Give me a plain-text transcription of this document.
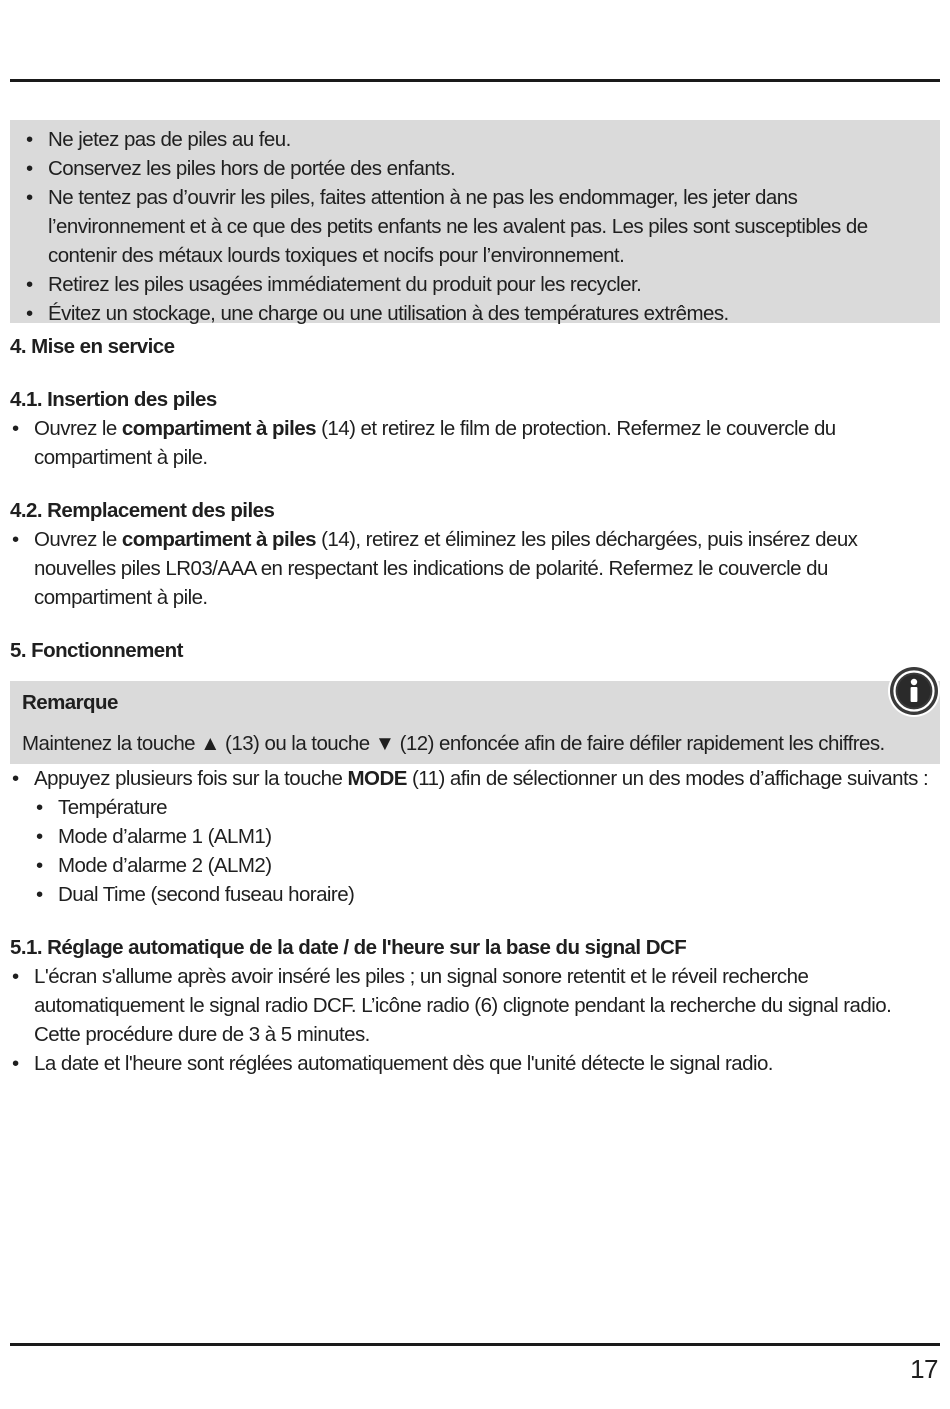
• Ne jetez pas de piles au feu.
• Conservez les piles hors de portée des enfants.
• Ne tentez pas d’ouvrir les piles, faites attention à ne pas les endommager, les jeter dans l’environnement et à ce que des petits enfants ne les avalent pas. Les piles sont susceptibles de contenir des métaux lourds toxiques et nocifs pour l’environnement.
• Retirez les piles usagées immédiatement du produit pour les recycler.
• Évitez un stockage, une charge ou une utilisation à des températures extrêmes.
4. Mise en service
4.1. Insertion des piles
• Ouvrez le compartiment à piles (14) et retirez le film de protection. Refermez le couvercle du compartiment à pile.
4.2. Remplacement des piles
• Ouvrez le compartiment à piles (14), retirez et éliminez les piles déchargées, puis insérez deux nouvelles piles LR03/AAA en respectant les indications de polarité. Refermez le couvercle du compartiment à pile.
5. Fonctionnement
Remarque
Maintenez la touche ▲ (13) ou la touche ▼ (12) enfoncée afin de faire défiler rapidement les chiffres.
• Appuyez plusieurs fois sur la touche MODE (11) afin de sélectionner un des modes d’affichage suivants :
• Température
• Mode d’alarme 1 (ALM1)
• Mode d’alarme 2 (ALM2)
• Dual Time (second fuseau horaire)
5.1. Réglage automatique de la date / de l'heure sur la base du signal DCF
• L'écran s'allume après avoir inséré les piles ; un signal sonore retentit et le réveil recherche automatiquement le signal radio DCF. L’icône radio (6) clignote pendant la recherche du signal radio. Cette procédure dure de 3 à 5 minutes.
• La date et l'heure sont réglées automatiquement dès que l'unité détecte le signal radio.
17
